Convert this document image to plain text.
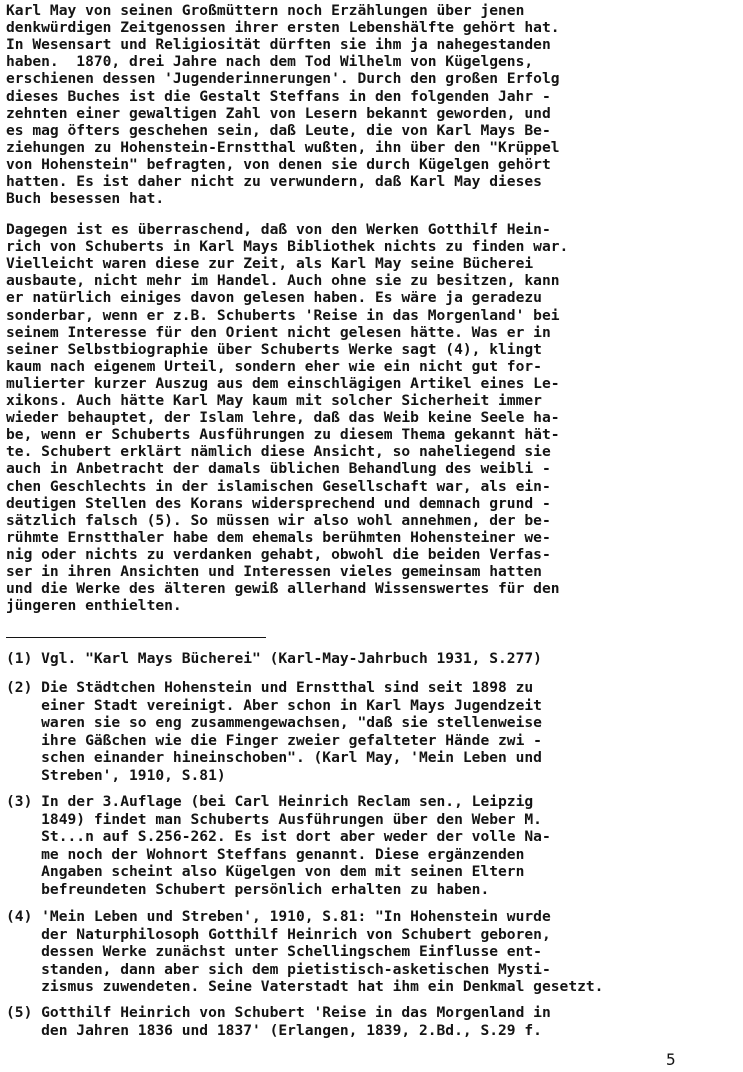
Karl May von seinen Großmüttern noch Erzählungen über jenen
denkwürdigen Zeitgenossen ihrer ersten Lebenshälfte gehört hat.
In Wesensart und Religiosität dürften sie ihm ja nahegestanden
haben.  1870, drei Jahre nach dem Tod Wilhelm von Kügelgens,
erschienen dessen 'Jugenderinnerungen'. Durch den großen Erfolg
dieses Buches ist die Gestalt Steffans in den folgenden Jahr -
zehnten einer gewaltigen Zahl von Lesern bekannt geworden, und
es mag öfters geschehen sein, daß Leute, die von Karl Mays Be-
ziehungen zu Hohenstein-Ernstthal wußten, ihn über den "Krüppel
von Hohenstein" befragten, von denen sie durch Kügelgen gehört
hatten. Es ist daher nicht zu verwundern, daß Karl May dieses
Buch besessen hat.
Dagegen ist es überraschend, daß von den Werken Gotthilf Hein-
rich von Schuberts in Karl Mays Bibliothek nichts zu finden war.
Vielleicht waren diese zur Zeit, als Karl May seine Bücherei
ausbaute, nicht mehr im Handel. Auch ohne sie zu besitzen, kann
er natürlich einiges davon gelesen haben. Es wäre ja geradezu
sonderbar, wenn er z.B. Schuberts 'Reise in das Morgenland' bei
seinem Interesse für den Orient nicht gelesen hätte. Was er in
seiner Selbstbiographie über Schuberts Werke sagt (4), klingt
kaum nach eigenem Urteil, sondern eher wie ein nicht gut for-
mulierter kurzer Auszug aus dem einschlägigen Artikel eines Le-
xikons. Auch hätte Karl May kaum mit solcher Sicherheit immer
wieder behauptet, der Islam lehre, daß das Weib keine Seele ha-
be, wenn er Schuberts Ausführungen zu diesem Thema gekannt hät-
te. Schubert erklärt nämlich diese Ansicht, so naheliegend sie
auch in Anbetracht der damals üblichen Behandlung des weibli -
chen Geschlechts in der islamischen Gesellschaft war, als ein-
deutigen Stellen des Korans widersprechend und demnach grund -
sätzlich falsch (5). So müssen wir also wohl annehmen, der be-
rühmte Ernstthaler habe dem ehemals berühmten Hohensteiner we-
nig oder nichts zu verdanken gehabt, obwohl die beiden Verfas-
ser in ihren Ansichten und Interessen vieles gemeinsam hatten
und die Werke des älteren gewiß allerhand Wissenswertes für den
jüngeren enthielten.
(1) Vgl. "Karl Mays Bücherei" (Karl-May-Jahrbuch 1931, S.277)
(2) Die Städtchen Hohenstein und Ernstthal sind seit 1898 zu
einer Stadt vereinigt. Aber schon in Karl Mays Jugendzeit
waren sie so eng zusammengewachsen, "daß sie stellenweise
ihre Gäßchen wie die Finger zweier gefalteter Hände zwi -
schen einander hineinschoben". (Karl May, 'Mein Leben und
Streben', 1910, S.81)
(3) In der 3.Auflage (bei Carl Heinrich Reclam sen., Leipzig
1849) findet man Schuberts Ausführungen über den Weber M.
St...n auf S.256-262. Es ist dort aber weder der volle Na-
me noch der Wohnort Steffans genannt. Diese ergänzenden
Angaben scheint also Kügelgen von dem mit seinen Eltern
befreundeten Schubert persönlich erhalten zu haben.
(4) 'Mein Leben und Streben', 1910, S.81: "In Hohenstein wurde
der Naturphilosoph Gotthilf Heinrich von Schubert geboren,
dessen Werke zunächst unter Schellingschem Einflusse ent-
standen, dann aber sich dem pietistisch-asketischen Mysti-
zismus zuwendeten. Seine Vaterstadt hat ihm ein Denkmal gesetzt.
(5) Gotthilf Heinrich von Schubert 'Reise in das Morgenland in
den Jahren 1836 und 1837' (Erlangen, 1839, 2.Bd., S.29 f.
5
